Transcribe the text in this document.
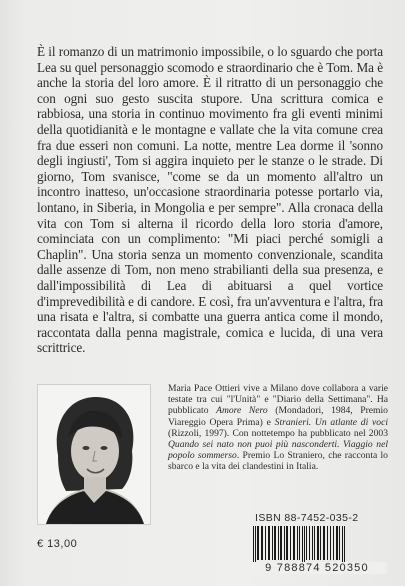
È il romanzo di un matrimonio impossibile, o lo sguardo che porta Lea su quel personaggio scomodo e straordinario che è Tom. Ma è anche la storia del loro amore. È il ritratto di un personaggio che con ogni suo gesto suscita stupore. Una scrittura comica e rabbiosa, una storia in continuo movimento fra gli eventi minimi della quotidianità e le montagne e vallate che la vita comune crea fra due esseri non comuni. La notte, mentre Lea dorme il 'sonno degli ingiusti', Tom si aggira inquieto per le stanze o le strade. Di giorno, Tom svanisce, "come se da un momento all'altro un incontro inatteso, un'occasione straordinaria potesse portarlo via, lontano, in Siberia, in Mongolia e per sempre". Alla cronaca della vita con Tom si alterna il ricordo della loro storia d'amore, cominciata con un complimento: "Mi piaci perché somigli a Chaplin". Una storia senza un momento convenzionale, scandita dalle assenze di Tom, non meno strabilianti della sua presenza, e dall'impossibilità di Lea di abituarsi a quel vortice d'imprevedibilità e di candore. E così, fra un'avventura e l'altra, fra una risata e l'altra, si combatte una guerra antica come il mondo, raccontata dalla penna magistrale, comica e lucida, di una vera scrittrice.

Maria Pace Ottieri vive a Milano dove collabora a varie testate tra cui "l'Unità" e "Diario della Settimana". Ha pubblicato Amore Nero (Mondadori, 1984, Premio Viareggio Opera Prima) e Stranieri. Un atlante di voci (Rizzoli, 1997). Con nottetempo ha pubblicato nel 2003 Quando sei nato non puoi più nasconderti. Viaggio nel popolo sommerso. Premio Lo Straniero, che racconta lo sbarco e la vita dei clandestini in Italia.
€ 13,00
ISBN 88-7452-035-2
9 788874 520350
